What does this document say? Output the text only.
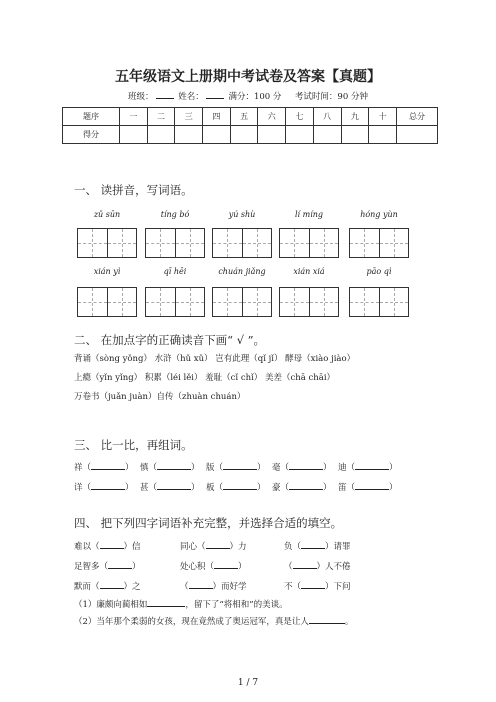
五年级语文上册期中考试卷及答案【真题】
班级：	姓名：	满分：100 分 考试时间：90 分钟
题序	一	二	三	四	五	六	七	八	九	十	总分
得分											
一、 读拼音，写词语。
zǔ sūn	tíng bó	yú shù	lí míng	hóng yùn
xián yì	qī hēi	chuán jiǎng	xián xiá	pāo qì
二、 在加点字的正确读音下画“ √ ”。
背诵（sòng yǒng） 水浒（hǔ xǔ） 岂有此理（qǐ jǐ） 酵母（xiào jiào）
上瘾（yǐn yǐng） 积累（léi lěi） 羞耻（cǐ chǐ） 美差（chā chāi）
万卷书（juǎn juàn）自传（zhuàn chuán）
三、 比一比，再组词。
祥（	） 慎（	） 版（	） 毫（	） 迪（	）
详（	） 甚（	） 板（	） 豪（	） 笛（	）
四、 把下列四字词语补充完整，并选择合适的填空。
难以（	）信	同心（	）力	负（	）请罪
足智多（	）	处心积（	）	（	）人不倦
默而（	）之	（	）而好学	不（	）下问
（1）廉颇向蔺相如	，留下了“将相和”的美谈。
（2）当年那个柔弱的女孩，现在竟然成了奥运冠军，真是让人	。
1 / 7
